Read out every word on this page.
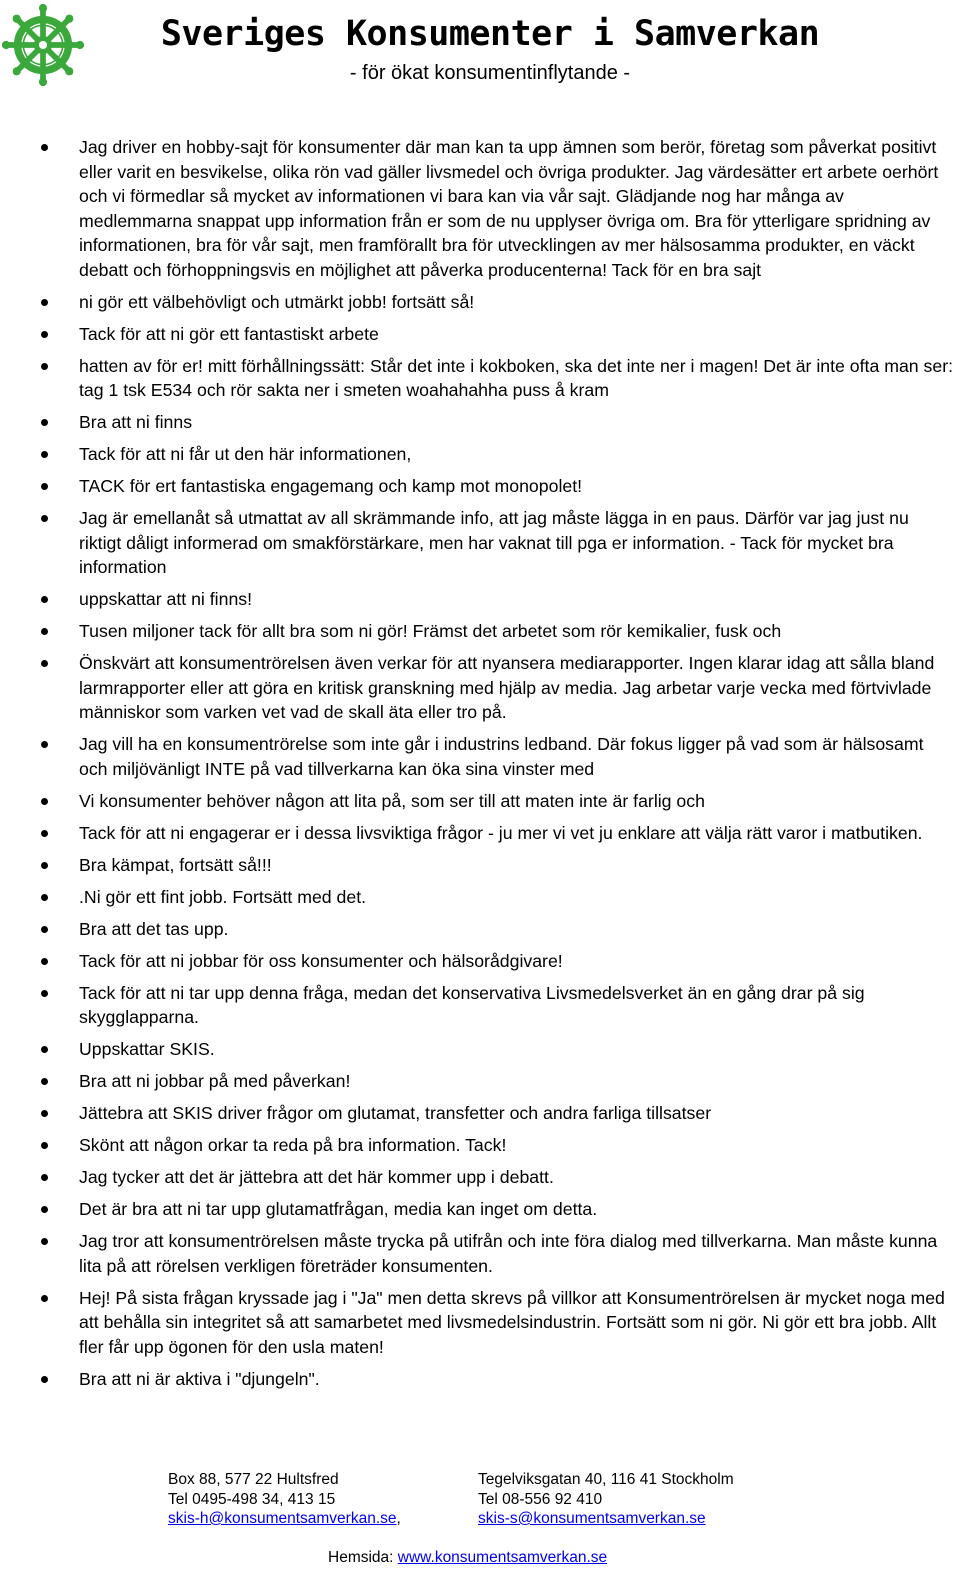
Sveriges Konsumenter i Samverkan
- för ökat konsumentinflytande -
Jag driver en hobby-sajt för konsumenter där man kan ta upp ämnen som berör, företag som påverkat positivt eller varit en besvikelse, olika rön vad gäller livsmedel och övriga produkter. Jag värdesätter ert arbete oerhört och vi förmedlar så mycket av informationen vi bara kan via vår sajt. Glädjande nog har många av medlemmarna snappat upp information från er som de nu upplyser övriga om. Bra för ytterligare spridning av informationen, bra för vår sajt, men framförallt bra för utvecklingen av mer hälsosamma produkter, en väckt debatt och förhoppningsvis en möjlighet att påverka producenterna! Tack för en bra sajt
ni gör ett välbehövligt och utmärkt jobb! fortsätt så!
Tack för att ni gör ett fantastiskt arbete
hatten av för er! mitt förhållningssätt: Står det inte i kokboken, ska det inte ner i magen! Det är inte ofta man ser: tag 1 tsk E534 och rör sakta ner i smeten woahahahha puss å kram
Bra att ni finns
Tack för att ni får ut den här informationen,
TACK för ert fantastiska engagemang och kamp mot monopolet!
Jag är emellanåt så utmattat av all skrämmande info, att jag måste lägga in en paus. Därför var jag just nu riktigt dåligt informerad om smakförstärkare, men har vaknat till pga er information. - Tack för mycket bra information
uppskattar att ni finns!
Tusen miljoner tack för allt bra som ni gör! Främst det arbetet som rör kemikalier, fusk och
Önskvärt att konsumentrörelsen även verkar för att nyansera mediarapporter. Ingen klarar idag att sålla bland larmrapporter eller att göra en kritisk granskning med hjälp av media. Jag arbetar varje vecka med förtvivlade människor som varken vet vad de skall äta eller tro på.
Jag vill ha en konsumentrörelse som inte går i industrins ledband. Där fokus ligger på vad som är hälsosamt och miljövänligt INTE på vad tillverkarna kan öka sina vinster med
Vi konsumenter behöver någon att lita på, som ser till att maten inte är farlig och
Tack för att ni engagerar er i dessa livsviktiga frågor - ju mer vi vet ju enklare att välja rätt varor i matbutiken.
Bra kämpat, fortsätt så!!!
.Ni gör ett fint jobb. Fortsätt med det.
Bra att det tas upp.
Tack för att ni jobbar för oss konsumenter och hälsorådgivare!
Tack för att ni tar upp denna fråga, medan det konservativa Livsmedelsverket än en gång drar på sig skygglapparna.
Uppskattar SKIS.
Bra att ni jobbar på med påverkan!
Jättebra att SKIS driver frågor om glutamat, transfetter och andra farliga tillsatser
Skönt att någon orkar ta reda på bra information. Tack!
Jag tycker att det är jättebra att det här kommer upp i debatt.
Det är bra att ni tar upp glutamatfrågan, media kan inget om detta.
Jag tror att konsumentrörelsen måste trycka på utifrån och inte föra dialog med tillverkarna. Man måste kunna lita på att rörelsen verkligen företräder konsumenten.
Hej! På sista frågan kryssade jag i "Ja" men detta skrevs på villkor att Konsumentrörelsen är mycket noga med att behålla sin integritet så att samarbetet med livsmedelsindustrin. Fortsätt som ni gör. Ni gör ett bra jobb. Allt fler får upp ögonen för den usla maten!
Bra att ni är aktiva i "djungeln".
Box 88, 577 22 Hultsfred
Tel 0495-498 34, 413 15
skis-h@konsumentsamverkan.se,
Tegelviksgatan 40, 116 41 Stockholm
Tel 08-556 92 410
skis-s@konsumentsamverkan.se
Hemsida: www.konsumentsamverkan.se
